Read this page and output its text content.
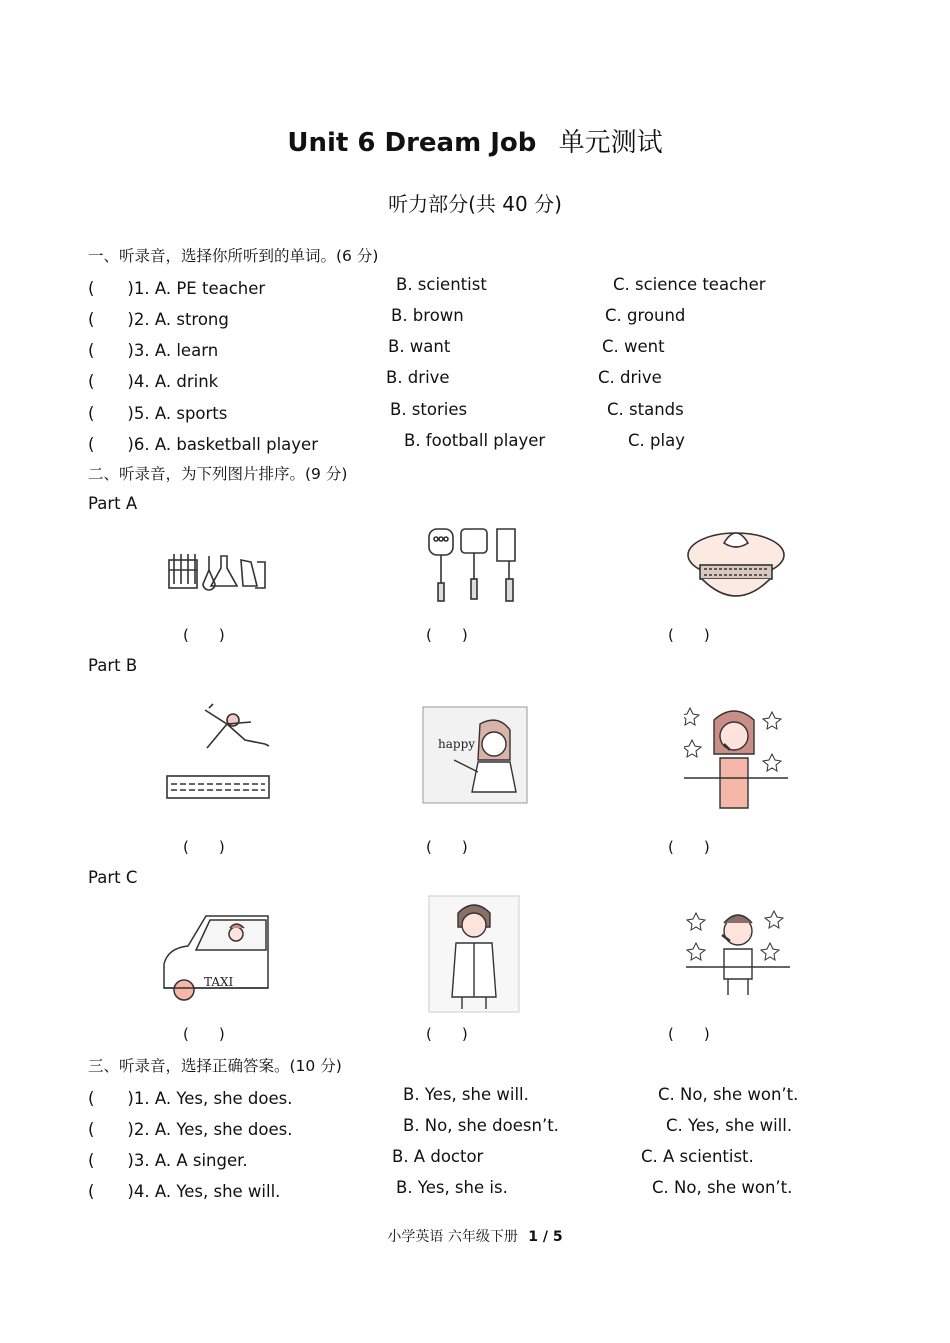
Unit 6 Dream Job 单元测试
听力部分(共 40 分)
一、听录音，选择你所听到的单词。(6 分)
(　　)1. A. PE teacher	B. scientist	C. science teacher
(　　)2. A. strong	B. brown	C. ground
(　　)3. A. learn	B. want	C. went
(　　)4. A. drink	B. drive	C. drive
(　　)5. A. sports	B. stories	C. stands
(　　)6. A. basketball player	B. football player	C. play
二、听录音，为下列图片排序。(9 分)
Part A
(　　)	(　　)	(　　)
Part B
happy
(　　)	(　　)	(　　)
Part C
TAXI
(　　)	(　　)	(　　)
三、听录音，选择正确答案。(10 分)
(　　)1. A. Yes, she does.	B. Yes, she will.	C. No, she won’t.
(　　)2. A. Yes, she does.	B. No, she doesn’t.	C. Yes, she will.
(　　)3. A. A singer.	B. A doctor	C. A scientist.
(　　)4. A. Yes, she will.	B. Yes, she is.	C. No, she won’t.
小学英语 六年级下册 1 / 5
